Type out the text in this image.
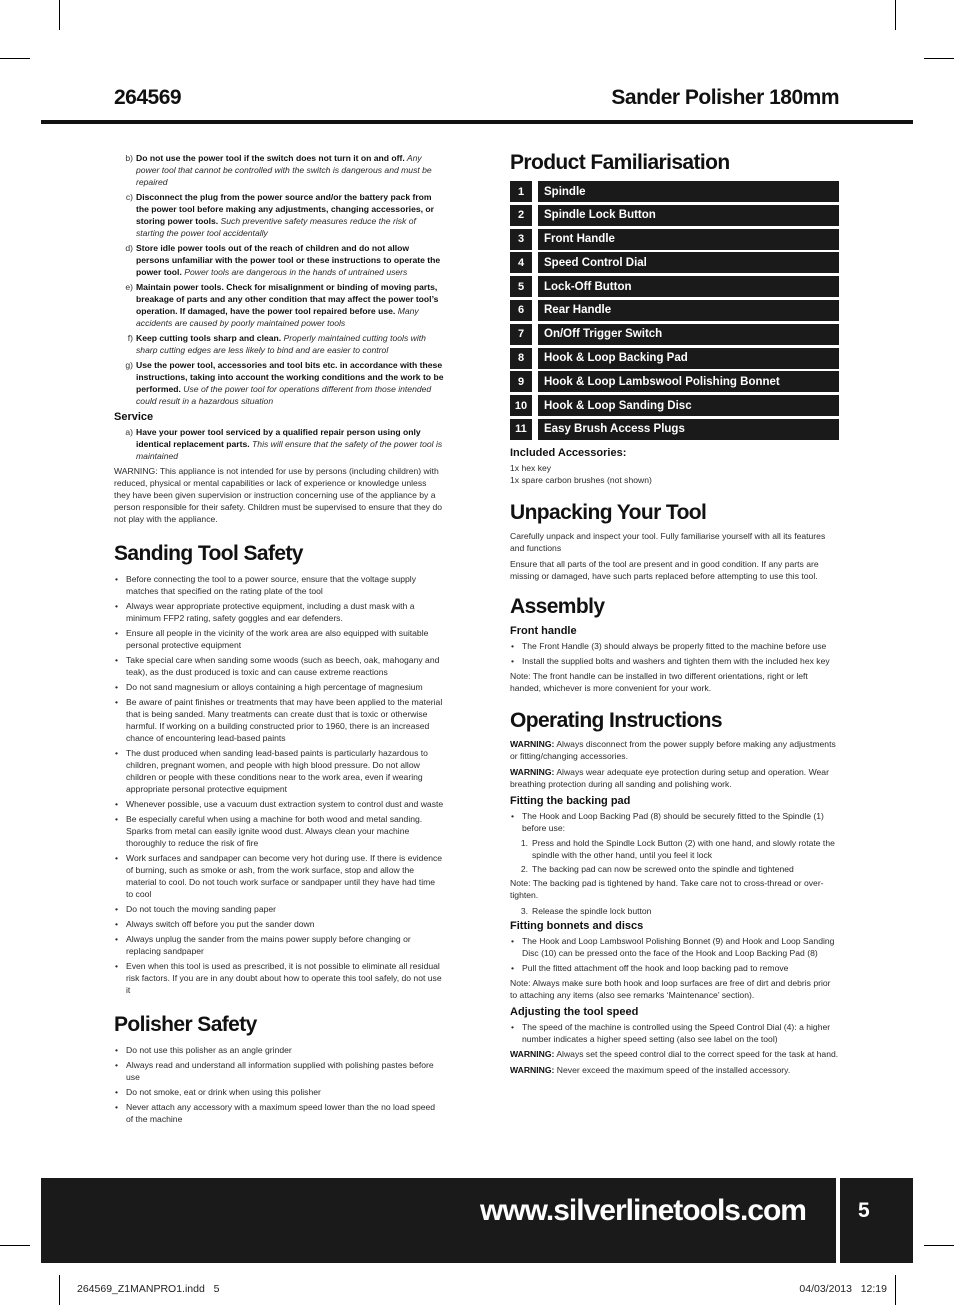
264569	Sander Polisher 180mm
b) Do not use the power tool if the switch does not turn it on and off. Any power tool that cannot be controlled with the switch is dangerous and must be repaired
c) Disconnect the plug from the power source and/or the battery pack from the power tool before making any adjustments, changing accessories, or storing power tools. Such preventive safety measures reduce the risk of starting the power tool accidentally
d) Store idle power tools out of the reach of children and do not allow persons unfamiliar with the power tool or these instructions to operate the power tool. Power tools are dangerous in the hands of untrained users
e) Maintain power tools. Check for misalignment or binding of moving parts, breakage of parts and any other condition that may affect the power tool’s operation. If damaged, have the power tool repaired before use. Many accidents are caused by poorly maintained power tools
f) Keep cutting tools sharp and clean. Properly maintained cutting tools with sharp cutting edges are less likely to bind and are easier to control
g) Use the power tool, accessories and tool bits etc. in accordance with these instructions, taking into account the working conditions and the work to be performed. Use of the power tool for operations different from those intended could result in a hazardous situation
Service
a) Have your power tool serviced by a qualified repair person using only identical replacement parts. This will ensure that the safety of the power tool is maintained
WARNING: This appliance is not intended for use by persons (including children) with reduced, physical or mental capabilities or lack of experience or knowledge unless they have been given supervision or instruction concerning use of the appliance by a person responsible for their safety. Children must be supervised to ensure that they do not play with the appliance.
Sanding Tool Safety
• Before connecting the tool to a power source, ensure that the voltage supply matches that specified on the rating plate of the tool
• Always wear appropriate protective equipment, including a dust mask with a minimum FFP2 rating, safety goggles and ear defenders.
• Ensure all people in the vicinity of the work area are also equipped with suitable personal protective equipment
• Take special care when sanding some woods (such as beech, oak, mahogany and teak), as the dust produced is toxic and can cause extreme reactions
• Do not sand magnesium or alloys containing a high percentage of magnesium
• Be aware of paint finishes or treatments that may have been applied to the material that is being sanded. Many treatments can create dust that is toxic or otherwise harmful. If working on a building constructed prior to 1960, there is an increased chance of encountering lead-based paints
• The dust produced when sanding lead-based paints is particularly hazardous to children, pregnant women, and people with high blood pressure. Do not allow children or people with these conditions near to the work area, even if wearing appropriate personal protective equipment
• Whenever possible, use a vacuum dust extraction system to control dust and waste
• Be especially careful when using a machine for both wood and metal sanding. Sparks from metal can easily ignite wood dust. Always clean your machine thoroughly to reduce the risk of fire
• Work surfaces and sandpaper can become very hot during use. If there is evidence of burning, such as smoke or ash, from the work surface, stop and allow the material to cool. Do not touch work surface or sandpaper until they have had time to cool
• Do not touch the moving sanding paper
• Always switch off before you put the sander down
• Always unplug the sander from the mains power supply before changing or replacing sandpaper
• Even when this tool is used as prescribed, it is not possible to eliminate all residual risk factors. If you are in any doubt about how to operate this tool safely, do not use it
Polisher Safety
• Do not use this polisher as an angle grinder
• Always read and understand all information supplied with polishing pastes before use
• Do not smoke, eat or drink when using this polisher
• Never attach any accessory with a maximum speed lower than the no load speed of the machine
Product Familiarisation
1	Spindle
2	Spindle Lock Button
3	Front Handle
4	Speed Control Dial
5	Lock-Off Button
6	Rear Handle
7	On/Off Trigger Switch
8	Hook & Loop Backing Pad
9	Hook & Loop Lambswool Polishing Bonnet
10	Hook & Loop Sanding Disc
11	Easy Brush Access Plugs
Included Accessories:
1x hex key
1x spare carbon brushes (not shown)
Unpacking Your Tool
Carefully unpack and inspect your tool. Fully familiarise yourself with all its features and functions
Ensure that all parts of the tool are present and in good condition. If any parts are missing or damaged, have such parts replaced before attempting to use this tool.
Assembly
Front handle
• The Front Handle (3) should always be properly fitted to the machine before use
• Install the supplied bolts and washers and tighten them with the included hex key
Note: The front handle can be installed in two different orientations, right or left handed, whichever is more convenient for your work.
Operating Instructions
WARNING: Always disconnect from the power supply before making any adjustments or fitting/changing accessories.
WARNING: Always wear adequate eye protection during setup and operation. Wear breathing protection during all sanding and polishing work.
Fitting the backing pad
• The Hook and Loop Backing Pad (8) should be securely fitted to the Spindle (1) before use:
1. Press and hold the Spindle Lock Button (2) with one hand, and slowly rotate the spindle with the other hand, until you feel it lock
2. The backing pad can now be screwed onto the spindle and tightened
Note: The backing pad is tightened by hand. Take care not to cross-thread or over-tighten.
3. Release the spindle lock button
Fitting bonnets and discs
• The Hook and Loop Lambswool Polishing Bonnet (9) and Hook and Loop Sanding Disc (10) can be pressed onto the face of the Hook and Loop Backing Pad (8)
• Pull the fitted attachment off the hook and loop backing pad to remove
Note: Always make sure both hook and loop surfaces are free of dirt and debris prior to attaching any items (also see remarks ‘Maintenance’ section).
Adjusting the tool speed
• The speed of the machine is controlled using the Speed Control Dial (4): a higher number indicates a higher speed setting (also see label on the tool)
WARNING: Always set the speed control dial to the correct speed for the task at hand.
WARNING: Never exceed the maximum speed of the installed accessory.
www.silverlinetools.com 5
264569_Z1MANPRO1.indd   5	04/03/2013   12:19
